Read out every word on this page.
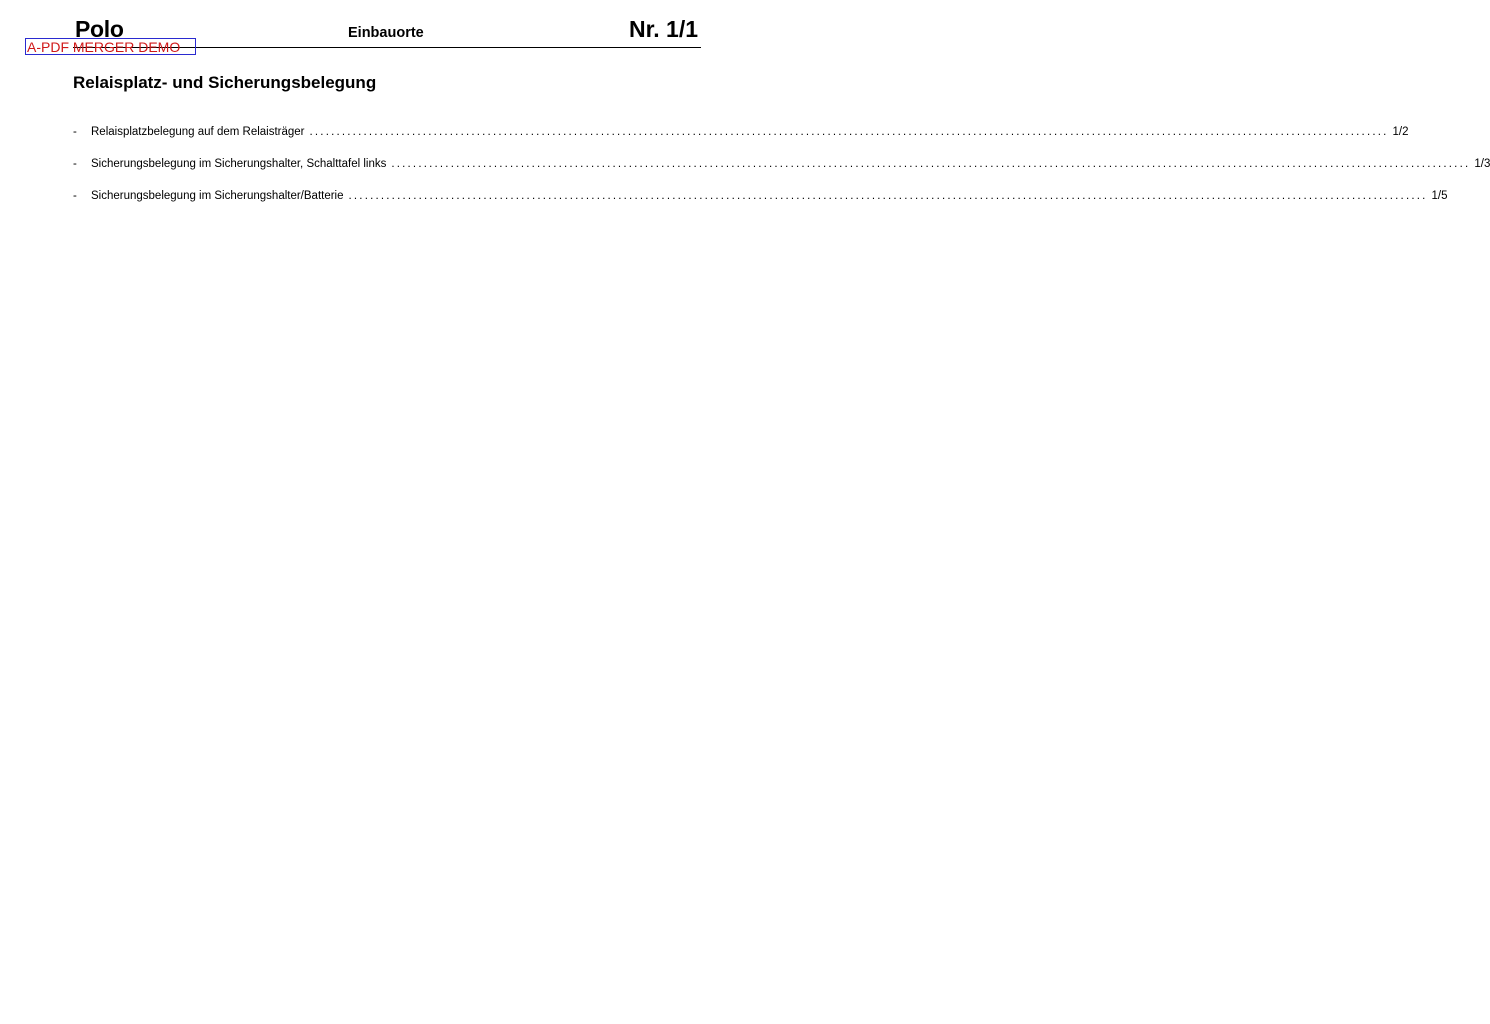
Polo	Einbauorte	Nr. 1/1
A-PDF MERGER DEMO
Relaisplatz- und Sicherungsbelegung
-	Relaisplatzbelegung auf dem Relaisträger ........................................................................................................................................................................................................ 1/2
-	Sicherungsbelegung im Sicherungshalter, Schalttafel links ........................................................................................................................................................................................................ 1/3
-	Sicherungsbelegung im Sicherungshalter/Batterie ........................................................................................................................................................................................................ 1/5
